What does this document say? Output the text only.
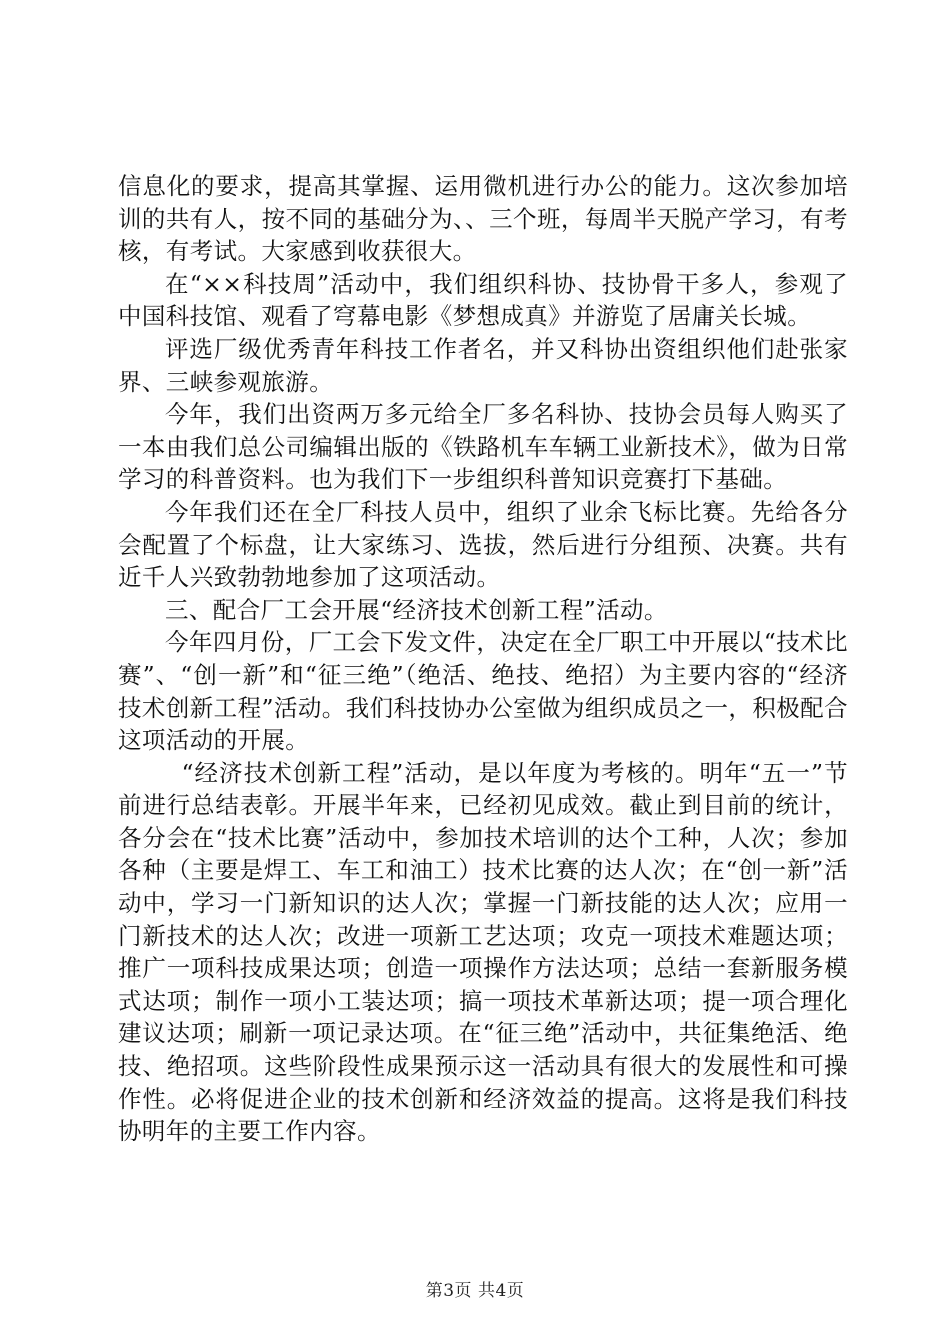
信息化的要求，提高其掌握、运用微机进行办公的能力。这次参加培训的共有人，按不同的基础分为、、三个班，每周半天脱产学习，有考核，有考试。大家感到收获很大。

在“××科技周”活动中，我们组织科协、技协骨干多人，参观了中国科技馆、观看了穹幕电影《梦想成真》并游览了居庸关长城。

评选厂级优秀青年科技工作者名，并又科协出资组织他们赴张家界、三峡参观旅游。

今年，我们出资两万多元给全厂多名科协、技协会员每人购买了一本由我们总公司编辑出版的《铁路机车车辆工业新技术》，做为日常学习的科普资料。也为我们下一步组织科普知识竞赛打下基础。

今年我们还在全厂科技人员中，组织了业余飞标比赛。先给各分会配置了个标盘，让大家练习、选拔，然后进行分组预、决赛。共有近千人兴致勃勃地参加了这项活动。

三、配合厂工会开展“经济技术创新工程”活动。

今年四月份，厂工会下发文件，决定在全厂职工中开展以“技术比赛”、“创一新”和“征三绝”（绝活、绝技、绝招）为主要内容的“经济技术创新工程”活动。我们科技协办公室做为组织成员之一，积极配合这项活动的开展。

“经济技术创新工程”活动，是以年度为考核的。明年“五一”节前进行总结表彰。开展半年来，已经初见成效。截止到目前的统计，各分会在“技术比赛”活动中，参加技术培训的达个工种，人次；参加各种（主要是焊工、车工和油工）技术比赛的达人次；在“创一新”活动中，学习一门新知识的达人次；掌握一门新技能的达人次；应用一门新技术的达人次；改进一项新工艺达项；攻克一项技术难题达项；推广一项科技成果达项；创造一项操作方法达项；总结一套新服务模式达项；制作一项小工装达项；搞一项技术革新达项；提一项合理化建议达项；刷新一项记录达项。在“征三绝”活动中，共征集绝活、绝技、绝招项。这些阶段性成果预示这一活动具有很大的发展性和可操作性。必将促进企业的技术创新和经济效益的提高。这将是我们科技协明年的主要工作内容。

第3页 共4页
